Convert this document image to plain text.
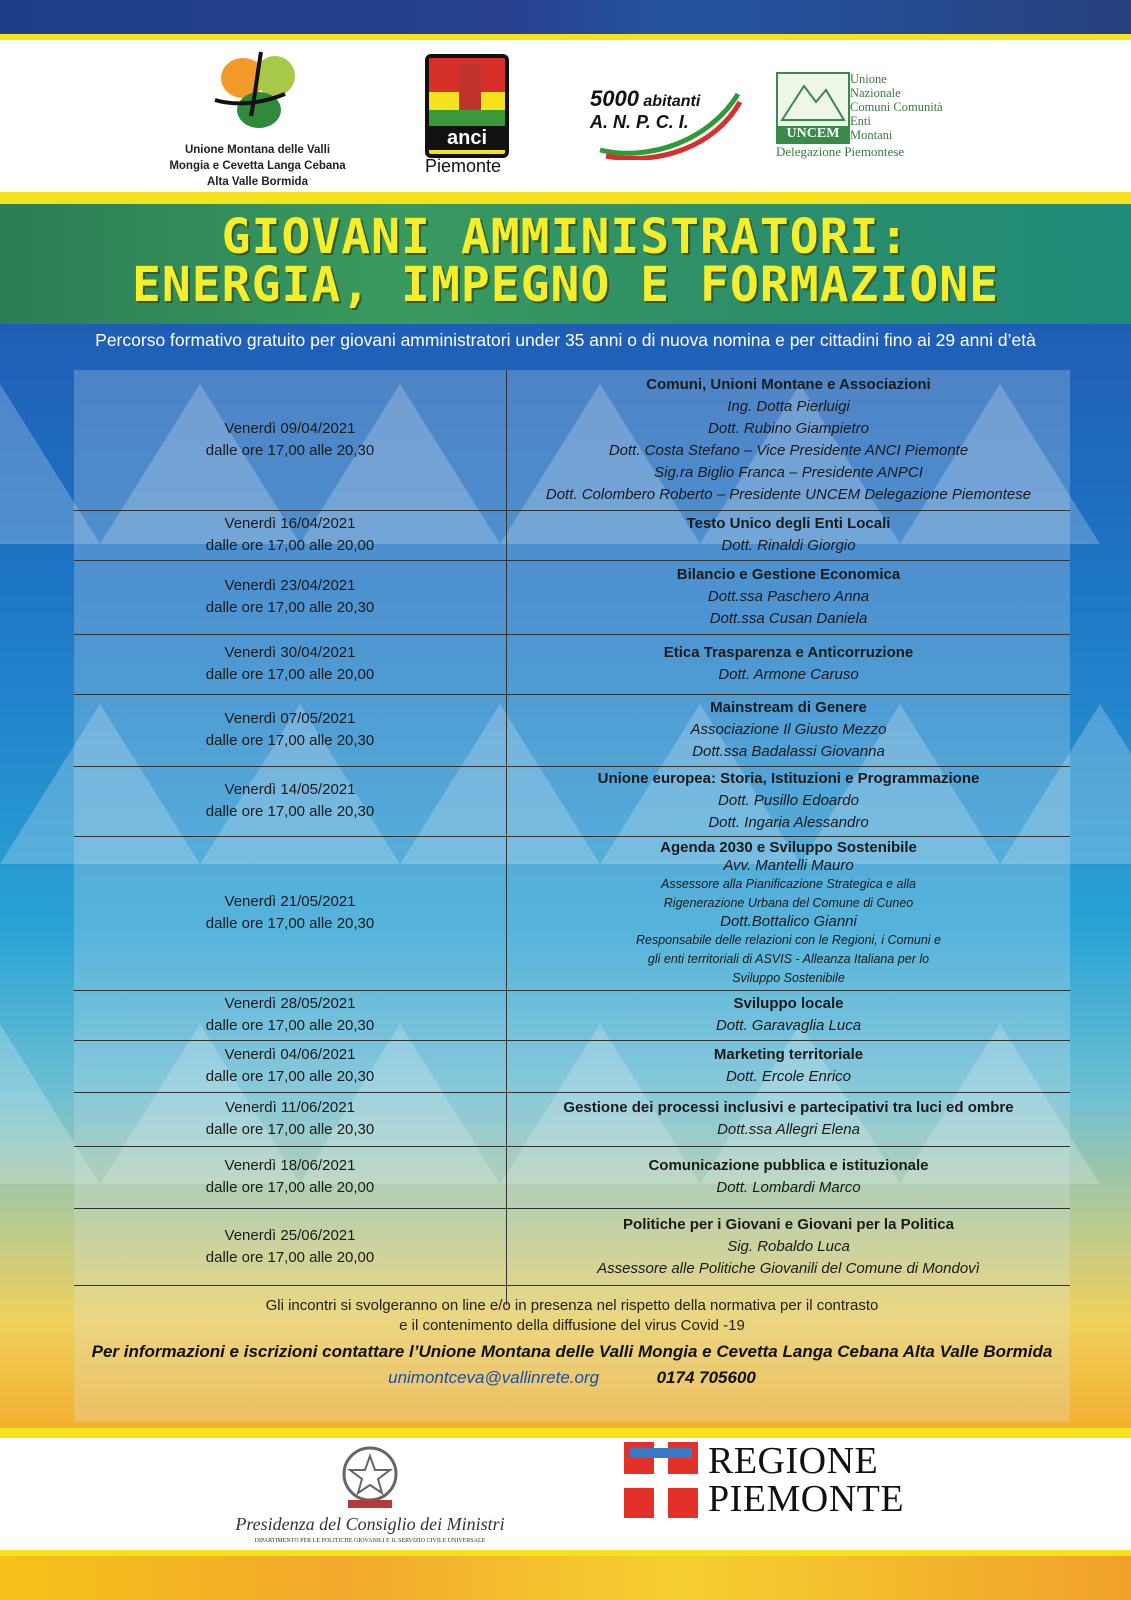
Unione Montana delle Valli
Mongia e Cevetta Langa Cebana
Alta Valle Bormida
anci
Piemonte
5000 abitanti
A. N. P. C. I.
UNCEM
Unione
Nazionale
Comuni Comunità
Enti
Montani
Delegazione Piemontese
GIOVANI AMMINISTRATORI:
ENERGIA, IMPEGNO E FORMAZIONE
Percorso formativo gratuito per giovani amministratori under 35 anni o di nuova nomina e per cittadini fino ai 29 anni d’età
Venerdì 09/04/2021
dalle ore 17,00 alle 20,30
Comuni, Unioni Montane e Associazioni
Ing. Dotta Pierluigi
Dott. Rubino Giampietro
Dott. Costa Stefano – Vice Presidente ANCI Piemonte
Sig.ra Biglio Franca – Presidente ANPCI
Dott. Colombero Roberto – Presidente UNCEM Delegazione Piemontese
Venerdì 16/04/2021
dalle ore 17,00 alle 20,00
Testo Unico degli Enti Locali
Dott. Rinaldi Giorgio
Venerdì 23/04/2021
dalle ore 17,00 alle 20,30
Bilancio e Gestione Economica
Dott.ssa Paschero Anna
Dott.ssa Cusan Daniela
Venerdì 30/04/2021
dalle ore 17,00 alle 20,00
Etica Trasparenza e Anticorruzione
Dott. Armone Caruso
Venerdì 07/05/2021
dalle ore 17,00 alle 20,30
Mainstream di Genere
Associazione Il Giusto Mezzo
Dott.ssa Badalassi Giovanna
Venerdì 14/05/2021
dalle ore 17,00 alle 20,30
Unione europea: Storia, Istituzioni e Programmazione
Dott. Pusillo Edoardo
Dott. Ingaria Alessandro
Venerdì 21/05/2021
dalle ore 17,00 alle 20,30
Agenda 2030 e Sviluppo Sostenibile
Avv. Mantelli Mauro
Assessore alla Pianificazione Strategica e alla
Rigenerazione Urbana del Comune di Cuneo
Dott.Bottalico Gianni
Responsabile delle relazioni con le Regioni, i Comuni e
gli enti territoriali di ASVIS - Alleanza Italiana per lo
Sviluppo Sostenibile
Venerdì 28/05/2021
dalle ore 17,00 alle 20,30
Sviluppo locale
Dott. Garavaglia Luca
Venerdì 04/06/2021
dalle ore 17,00 alle 20,30
Marketing territoriale
Dott. Ercole Enrico
Venerdì 11/06/2021
dalle ore 17,00 alle 20,30
Gestione dei processi inclusivi e partecipativi tra luci ed ombre
Dott.ssa Allegri Elena
Venerdì 18/06/2021
dalle ore 17,00 alle 20,00
Comunicazione pubblica e istituzionale
Dott. Lombardi Marco
Venerdì 25/06/2021
dalle ore 17,00 alle 20,00
Politiche per i Giovani e Giovani per la Politica
Sig. Robaldo Luca
Assessore alle Politiche Giovanili del Comune di Mondovì
Gli incontri si svolgeranno on line e/o in presenza nel rispetto della normativa per il contrasto
e il contenimento della diffusione del virus Covid -19
Per informazioni e iscrizioni contattare l’Unione Montana delle Valli Mongia e Cevetta Langa Cebana Alta Valle Bormida
unimontceva@vallinrete.org	0174 705600
Presidenza del Consiglio dei Ministri
DIPARTIMENTO PER LE POLITICHE GIOVANILI E IL SERVIZIO CIVILE UNIVERSALE
REGIONE
PIEMONTE
